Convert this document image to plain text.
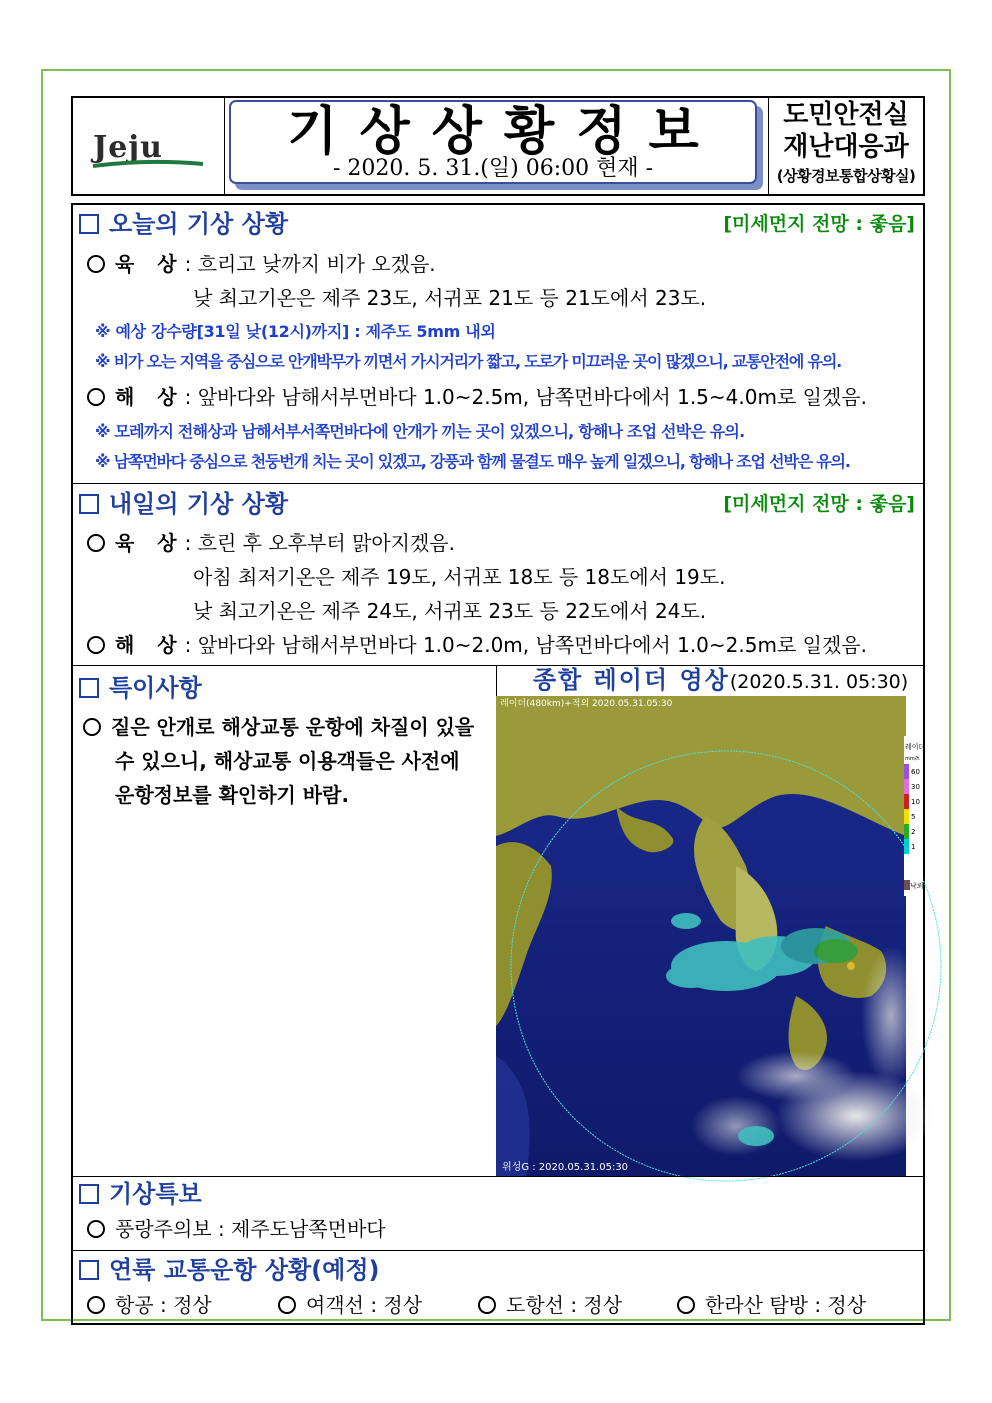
Jeju	기상상황정보
- 2020. 5. 31.(일) 06:00 현재 -
도민안전실
재난대응과
(상황경보통합상황실)
오늘의 기상 상황	[미세먼지 전망 : 좋음]
육 상: 흐리고 낮까지 비가 오겠음.
낮 최고기온은 제주 23도, 서귀포 21도 등 21도에서 23도.
※ 예상 강수량[31일 낮(12시)까지] : 제주도 5mm 내외
※ 비가 오는 지역을 중심으로 안개박무가 끼면서 가시거리가 짧고, 도로가 미끄러운 곳이 많겠으니, 교통안전에 유의.
해 상: 앞바다와 남해서부먼바다 1.0~2.5m, 남쪽먼바다에서 1.5~4.0m로 일겠음.
※ 모레까지 전해상과 남해서부서쪽먼바다에 안개가 끼는 곳이 있겠으니, 항해나 조업 선박은 유의.
※ 남쪽먼바다 중심으로 천둥번개 치는 곳이 있겠고, 강풍과 함께 물결도 매우 높게 일겠으니, 항해나 조업 선박은 유의.
내일의 기상 상황	[미세먼지 전망 : 좋음]
육 상: 흐린 후 오후부터 맑아지겠음.
아침 최저기온은 제주 19도, 서귀포 18도 등 18도에서 19도.
낮 최고기온은 제주 24도, 서귀포 23도 등 22도에서 24도.
해 상: 앞바다와 남해서부먼바다 1.0~2.0m, 남쪽먼바다에서 1.0~2.5m로 일겠음.
특이사항
짙은 안개로 해상교통 운항에 차질이 있을
수 있으니, 해상교통 이용객들은 사전에
운항정보를 확인하기 바람.
종합 레이더 영상(2020.5.31. 05:30)
레이더(480km)+적외 2020.05.31.05:30
위성G : 2020.05.31.05:30
레이더
mm/h
60
30
10
5
2
1
낙뢰
기상특보
풍랑주의보 : 제주도남쪽먼바다
연륙 교통운항 상황(예정)
항공 : 정상	여객선 : 정상	도항선 : 정상	한라산 탐방 : 정상
